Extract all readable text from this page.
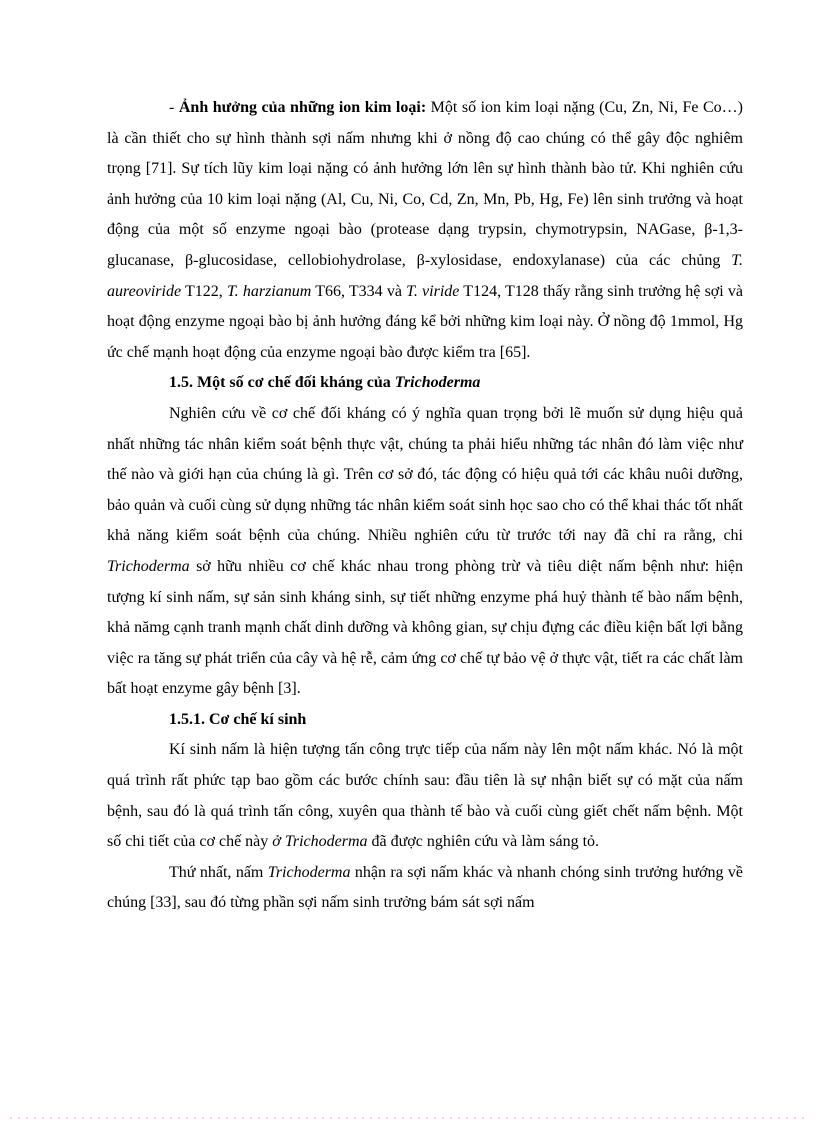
- Ảnh hưởng của những ion kim loại: Một số ion kim loại nặng (Cu, Zn, Ni, Fe Co…) là cần thiết cho sự hình thành sợi nấm nhưng khi ở nồng độ cao chúng có thể gây độc nghiêm trọng [71]. Sự tích lũy kim loại nặng có ảnh hưởng lớn lên sự hình thành bào tử. Khi nghiên cứu ảnh hưởng của 10 kim loại nặng (Al, Cu, Ni, Co, Cd, Zn, Mn, Pb, Hg, Fe) lên sinh trưởng và hoạt động của một số enzyme ngoại bào (protease dạng trypsin, chymotrypsin, NAGase, β-1,3-glucanase, β-glucosidase, cellobiohydrolase, β-xylosidase, endoxylanase) của các chủng T. aureoviride T122, T. harzianum T66, T334 và T. viride T124, T128 thấy rằng sinh trưởng hệ sợi và hoạt động enzyme ngoại bào bị ảnh hưởng đáng kể bởi những kim loại này. Ở nồng độ 1mmol, Hg ức chế mạnh hoạt động của enzyme ngoại bào được kiểm tra [65].

1.5. Một số cơ chế đối kháng của Trichoderma

Nghiên cứu về cơ chế đối kháng có ý nghĩa quan trọng bởi lẽ muốn sử dụng hiệu quả nhất những tác nhân kiểm soát bệnh thực vật, chúng ta phải hiểu những tác nhân đó làm việc như thế nào và giới hạn của chúng là gì. Trên cơ sở đó, tác động có hiệu quả tới các khâu nuôi dưỡng, bảo quản và cuối cùng sử dụng những tác nhân kiểm soát sinh học sao cho có thể khai thác tốt nhất khả năng kiểm soát bệnh của chúng. Nhiều nghiên cứu từ trước tới nay đã chỉ ra rằng, chi Trichoderma sở hữu nhiều cơ chế khác nhau trong phòng trừ và tiêu diệt nấm bệnh như: hiện tượng kí sinh nấm, sự sản sinh kháng sinh, sự tiết những enzyme phá huỷ thành tế bào nấm bệnh, khả nămg cạnh tranh mạnh chất dinh dưỡng và không gian, sự chịu đựng các điều kiện bất lợi bằng việc ra tăng sự phát triển của cây và hệ rễ, cảm ứng cơ chế tự bảo vệ ở thực vật, tiết ra các chất làm bất hoạt enzyme gây bệnh [3].

1.5.1. Cơ chế kí sinh

Kí sinh nấm là hiện tượng tấn công trực tiếp của nấm này lên một nấm khác. Nó là một quá trình rất phức tạp bao gồm các bước chính sau: đầu tiên là sự nhận biết sự có mặt của nấm bệnh, sau đó là quá trình tấn công, xuyên qua thành tế bào và cuối cùng giết chết nấm bệnh. Một số chi tiết của cơ chế này ở Trichoderma đã được nghiên cứu và làm sáng tỏ.

Thứ nhất, nấm Trichoderma nhận ra sợi nấm khác và nhanh chóng sinh trưởng hướng về chúng [33], sau đó từng phần sợi nấm sinh trưởng bám sát sợi nấm
